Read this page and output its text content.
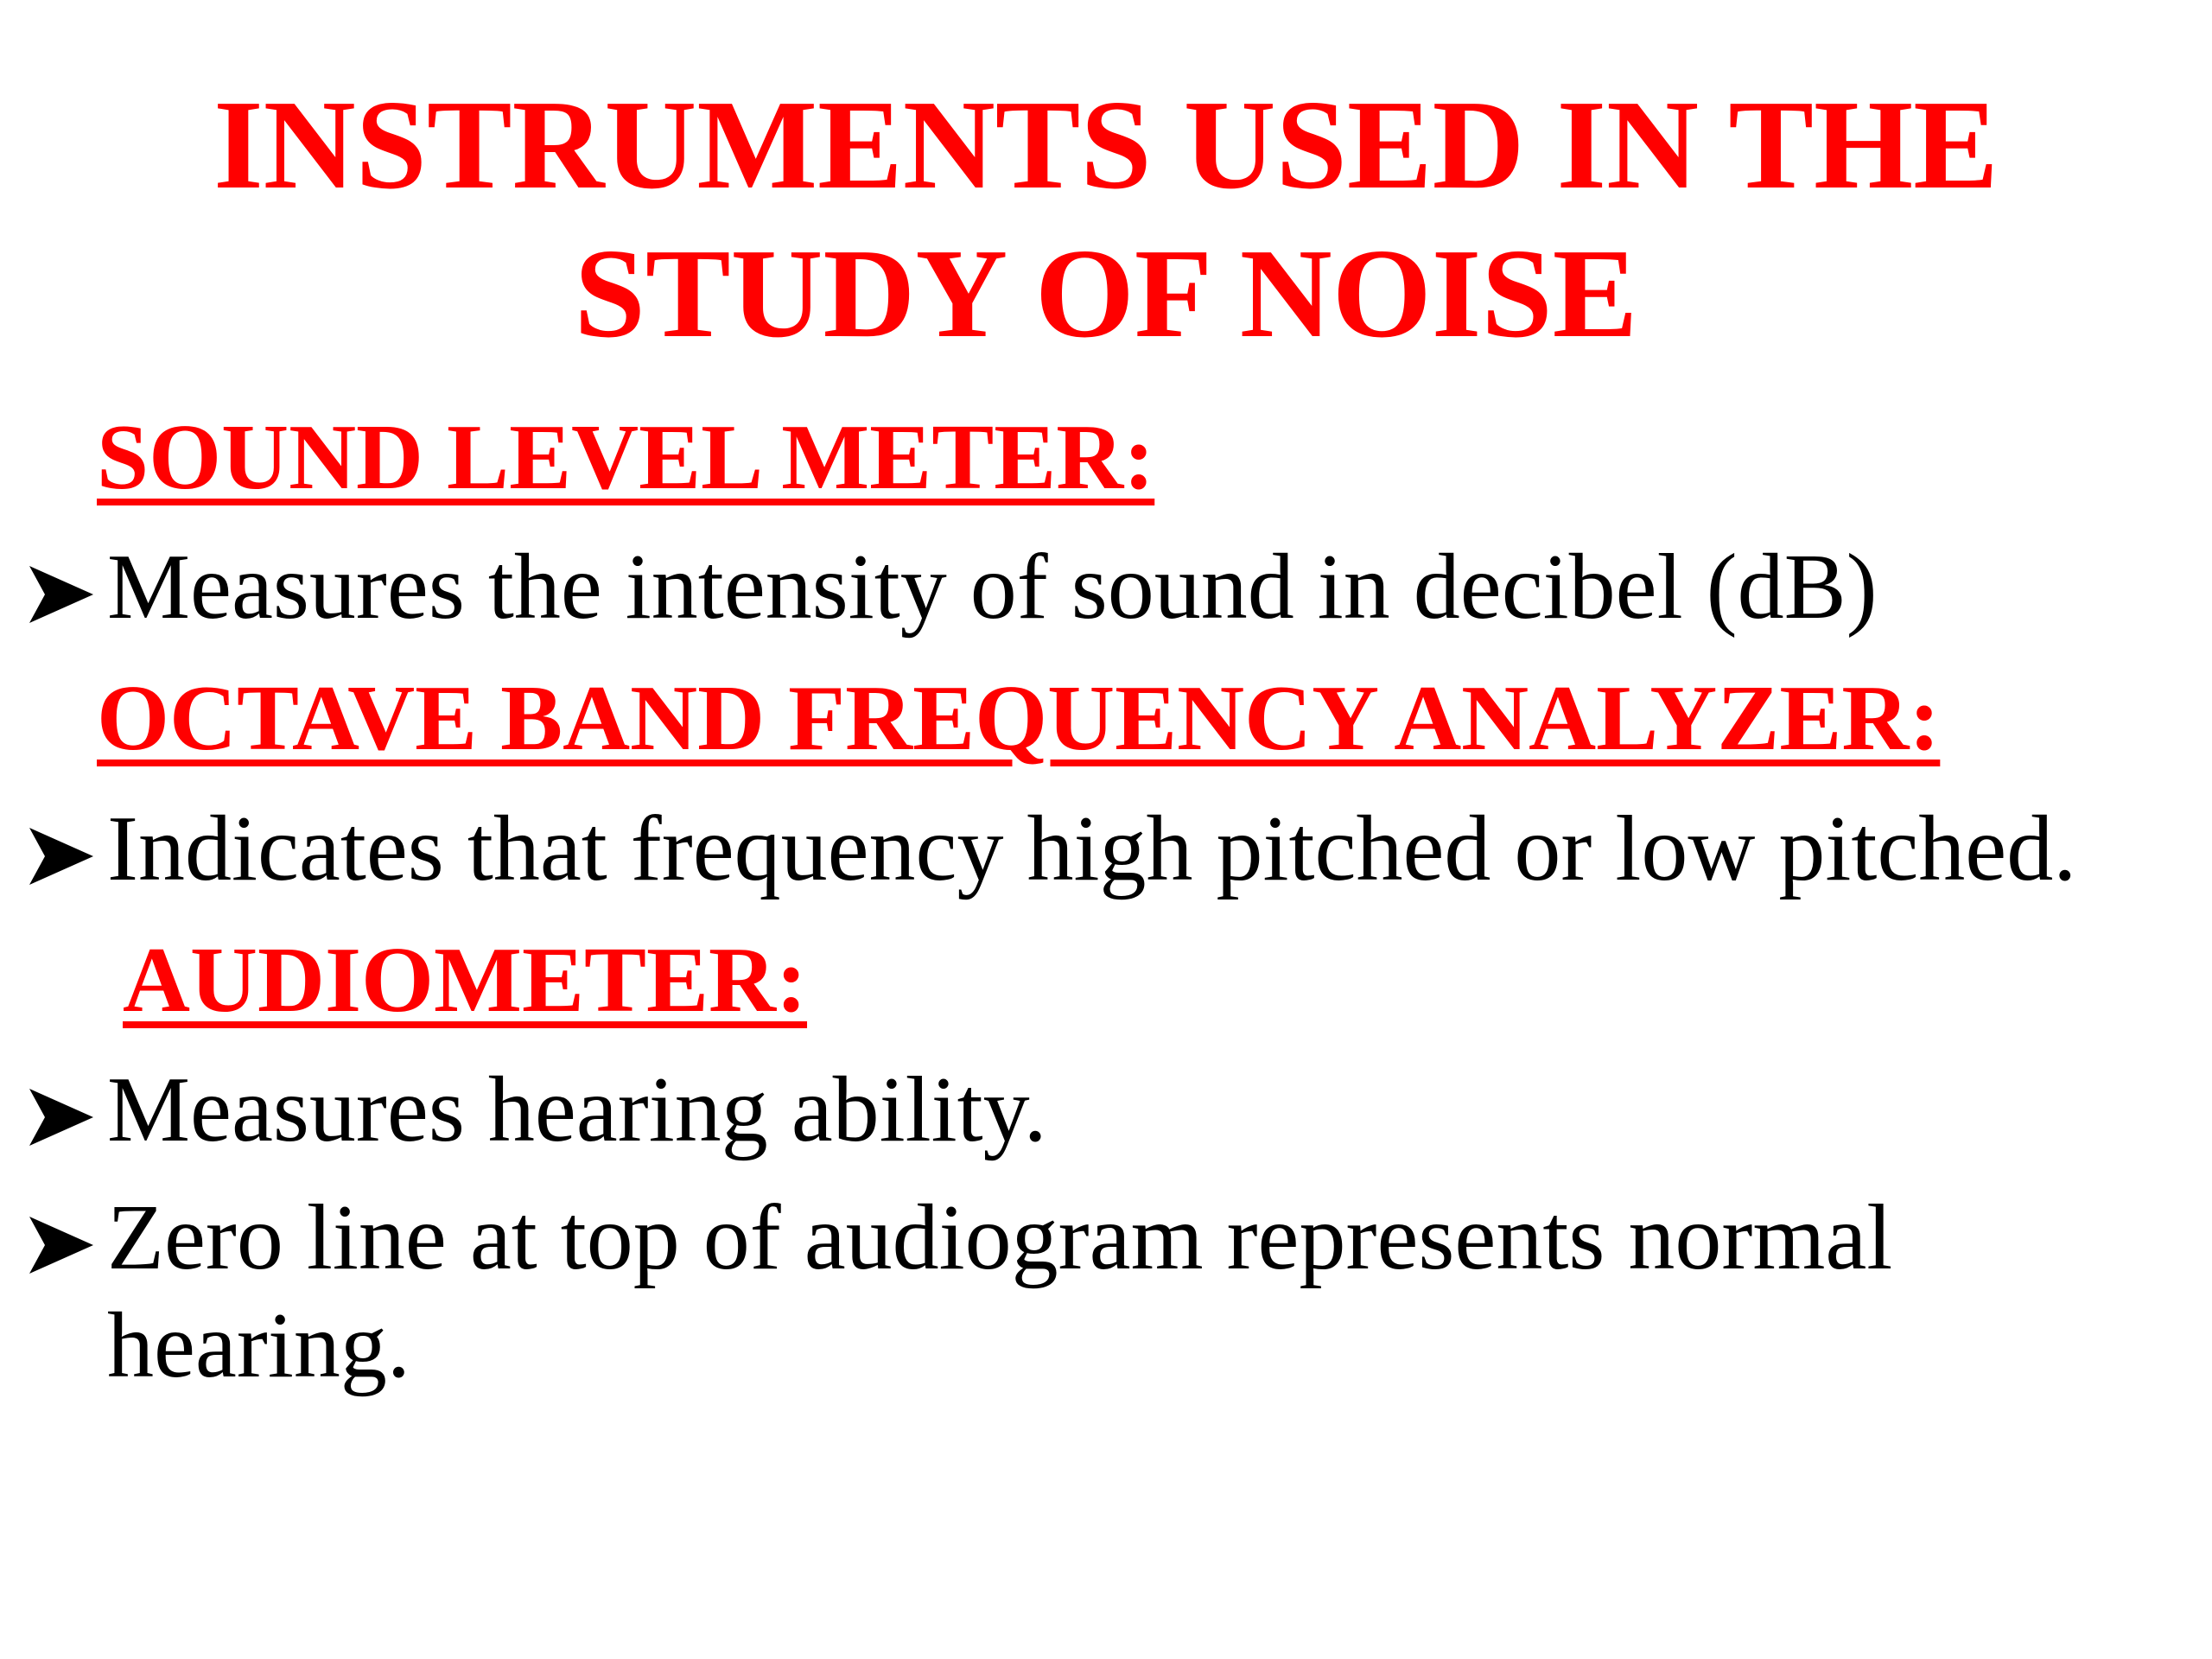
INSTRUMENTS USED IN THE
STUDY OF NOISE
SOUND LEVEL METER:
Measures the intensity of sound in decibel (dB)
OCTAVE BAND FREQUENCY ANALYZER:
Indicates that frequency high pitched or low pitched.
AUDIOMETER:
Measures hearing ability.
Zero line at top of audiogram represents normal
hearing.
